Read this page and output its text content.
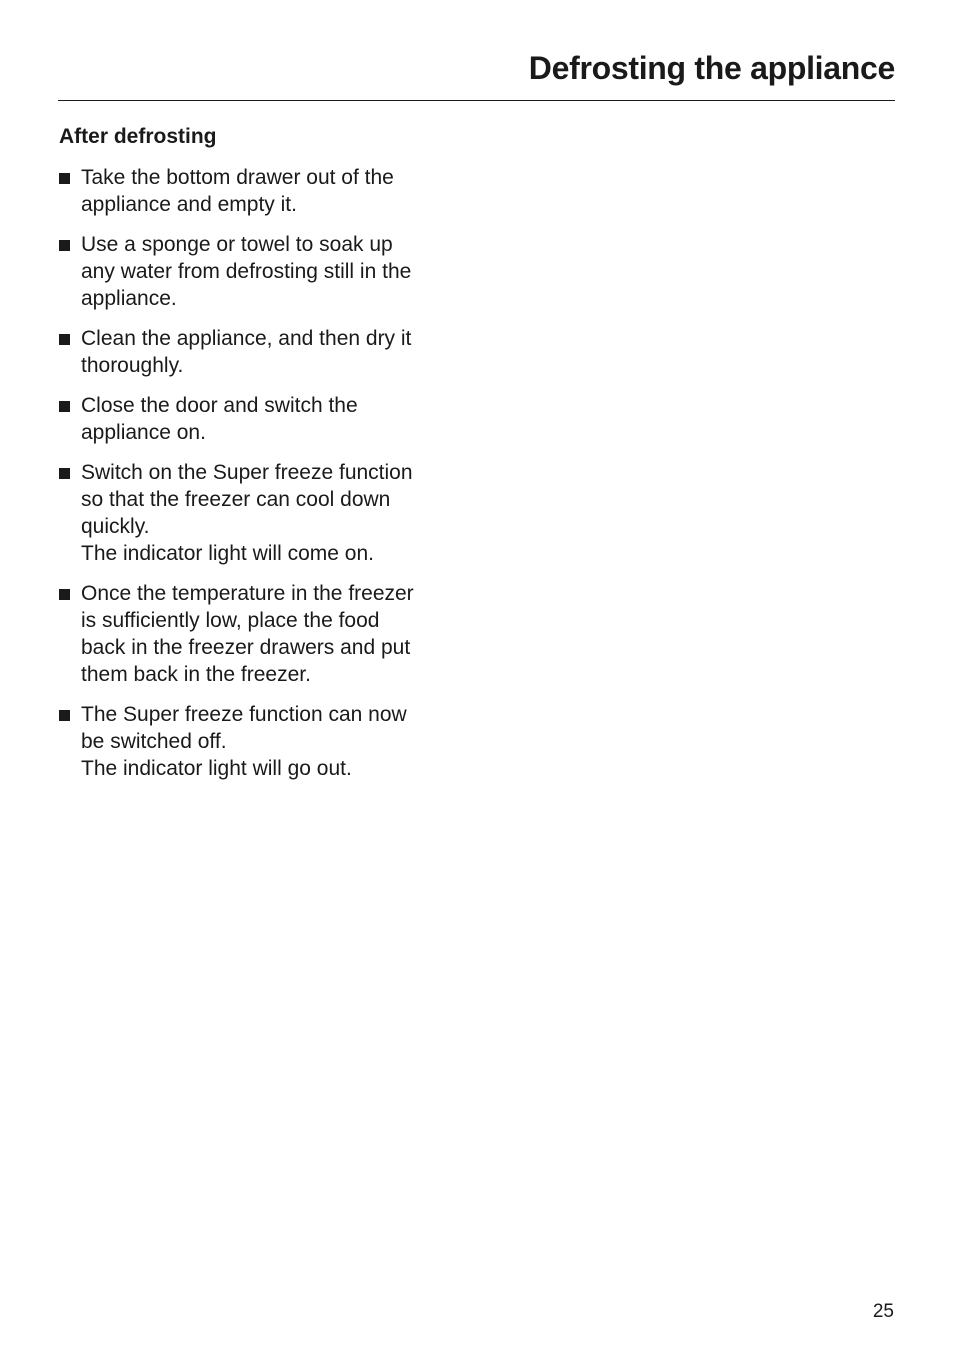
Defrosting the appliance
After defrosting
Take the bottom drawer out of the
appliance and empty it.
Use a sponge or towel to soak up
any water from defrosting still in the
appliance.
Clean the appliance, and then dry it
thoroughly.
Close the door and switch the
appliance on.
Switch on the Super freeze function
so that the freezer can cool down
quickly.
The indicator light will come on.
Once the temperature in the freezer
is sufficiently low, place the food
back in the freezer drawers and put
them back in the freezer.
The Super freeze function can now
be switched off.
The indicator light will go out.
25
